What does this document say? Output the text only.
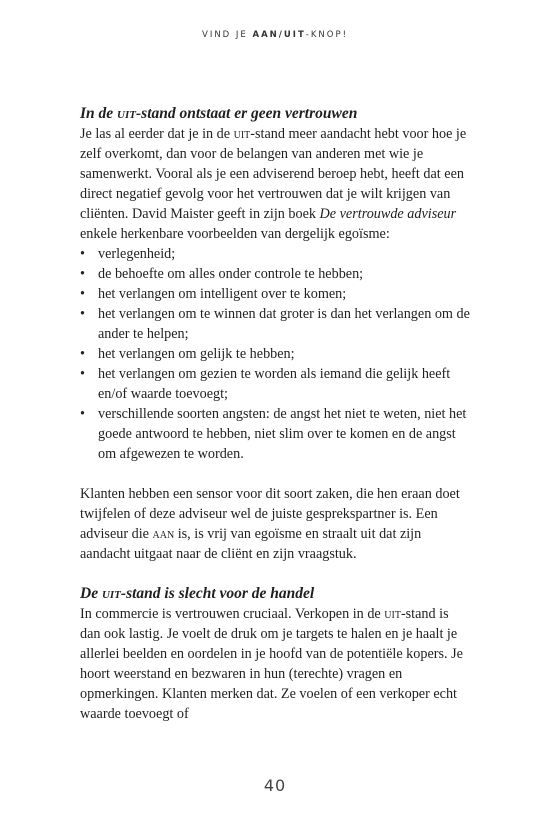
VIND JE AAN/UIT-KNOP!
In de uit-stand ontstaat er geen vertrouwen

Je las al eerder dat je in de uit-stand meer aandacht hebt voor hoe je zelf overkomt, dan voor de belangen van anderen met wie je samenwerkt. Vooral als je een adviserend beroep hebt, heeft dat een direct negatief gevolg voor het vertrouwen dat je wilt krijgen van cliënten. David Maister geeft in zijn boek De vertrouwde adviseur enkele herkenbare voorbeelden van dergelijk egoïsme:

• verlegenheid;
• de behoefte om alles onder controle te hebben;
• het verlangen om intelligent over te komen;
• het verlangen om te winnen dat groter is dan het verlangen om de ander te helpen;
• het verlangen om gelijk te hebben;
• het verlangen om gezien te worden als iemand die gelijk heeft en/of waarde toevoegt;
• verschillende soorten angsten: de angst het niet te weten, niet het goede antwoord te hebben, niet slim over te komen en de angst om afgewezen te worden.

Klanten hebben een sensor voor dit soort zaken, die hen eraan doet twijfelen of deze adviseur wel de juiste gesprekspartner is. Een adviseur die aan is, is vrij van egoïsme en straalt uit dat zijn aandacht uitgaat naar de cliënt en zijn vraagstuk.

De uit-stand is slecht voor de handel

In commercie is vertrouwen cruciaal. Verkopen in de uit-stand is dan ook lastig. Je voelt de druk om je targets te halen en je haalt je allerlei beelden en oordelen in je hoofd van de potentiële kopers. Je hoort weerstand en bezwaren in hun (terechte) vragen en opmerkingen. Klanten merken dat. Ze voelen of een verkoper echt waarde toevoegt of

40
